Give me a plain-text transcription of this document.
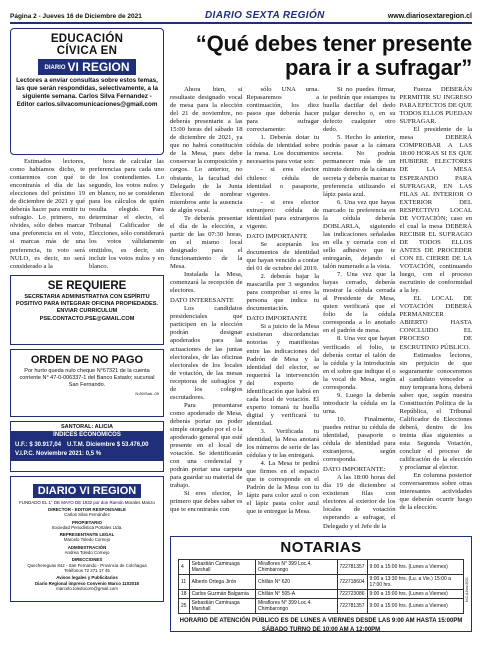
Página 2 - Jueves 16 de Diciembre de 2021	DIARIO SEXTA REGIÓN	www.diariosextaregion.cl
EDUCACIÓN
CÍVICA EN
DIARIO VI REGION
Lectores a enviar consultas sobre estos temas, las que serán respondidas, selectivamente, a la siguiente semana. Carlos Silva Fernandez - Editor carlos.silvacomunicaciones@gmail.com

Estimados lectores, como habíamos dicho, te contaremos con qué te encontrarás el día de las elecciones del próximo 19 de diciembre de 2021 y qué deberás hacer para emitir tu sufragio. Lo primero, no olvides, sólo debes marcar una preferencia en el voto, si marcas más de una preferencia, tu voto será NULO, es decir, no será considerado a la

hora de calcular las preferencias para cada uno de los contendientes. Lo segundo, los votos nulos y en blanco, no se consideran para los cálculos de quién resulta elegido. Para determinar el electo, el Tribunal Calificador de Elecciones, sólo considerará los votos válidamente emitidos, es decir, sin incluir los votos nulos y en blanco.

SE REQUIERE
SECRETARIA ADMINISTRATIVA CON ESPÍRITU POSITIVO PARA INTEGRAR OFICINA PROPIEDADES. ENVIAR CURRICULUM PSE.CONTACTO.PSE@GMAIL.COM
ORDEN DE NO PAGO
Por hurto queda nulo cheque N°67321 de la cuenta corriente N° 47-0-006337-1 del Banco Estado; sucursal San Fernando.
N:80/Sab.-09
SANTORAL: ALICIA
ÍNDICES ECONÓMICOS
U.F.: $ 30.917,04 U.T.M. Diciembre $ 53.476,00
V.I.P.C. Noviembre 2021: 0,5 %
DIARIO VI REGION
FUNDADO EL 1° DE MAYO DE 1932 por don Ramón Morales Manzo
DIRECTOR - EDITOR RESPONSABLE
Carlos Silva Fernández
PROPIETARIO
Sociedad Periodística Portales Ltda.
REPRESENTANTE LEGAL
Marcelo Toledo Cornejo
ADMINISTRACIÓN
Andrea Toledo Cornejo
DIRECCIONES
Quechereguas 842 - San Fernando - Provincia de Colchagua
Teléfonos 72 271 17 45
Avisos legales y Publicitarios
Diario Regional impreso Convenio Marco 1102018
marcelo.toledocorn@gmail.com
“Qué debes tener presente
para ir a sufragar”

Ahora bien, si resultaste designado vocal de mesa para la elección del 21 de noviembre, no deberás presentarte a las 15:00 horas del sábado 18 de diciembre de 2021, ya que no habrá constitución de la Mesa, pues debe conservar la composición y cargos. Lo anterior, no obstante, la facultad del Delegado de la Junta Electoral de nombrar miembros ante la ausencia de algún vocal.

Te deberás presentar el día de la elección, a partir de las 07:30 horas, en el mismo local designado para el funcionamiento de la Mesa.

Instalada la Mesa, comenzará la recepción de electores.

DATO INTERESANTE

Los candidatos presidenciales que participen en la elección podrán designar apoderados para las actuaciones de las juntas electorales, de las oficinas electorales de los locales de votación, de las mesas receptoras de sufragios y de los colegios escrutadores.

Para presentarse como apoderado de Mesa, deberás portar un poder simple otorgado por el o la apoderado general que esté presente en el local de votación. Se identificarán con una credencial y podrán portar una carpeta para guardar su material de trabajo.

Si eres elector, lo primero que debes saber es que te encontrarás con

sólo UNA urna. Repasaremos a continuación, los diez pasos que deberás hacer para sufragar correctamente:

1. Deberás dotar tu cédula de identidad sobre la mesa. Los documentos necesarios para votar son:

- si eres elector chileno: cédula de identidad o pasaporte, vigentes.

- si eres elector extranjero: cédula de identidad para extranjeros vigente.

DATO IMPORTANTE

Se aceptarán los documentos de identidad que hayan vencido a contar del 01 de octubre del 2019.

2. deberás bajar la mascarilla por 3 segundos para comprobar si eres la persona que indica tu documentación.

DATO IMPORTANTE

Si a juicio de la Mesa existieran discordancias notorias y manifiestas entre las indicaciones del Padrón de Mesa y la identidad del elector, se requerirá la intervención del experto de identificación que habrá en cada local de votación. El experto tomará tu huella digital y verificará tu identidad.

3. Verificada tu identidad, la Mesa anotará los números de serie de las cédulas y te las entregará.

4. La Mesa te pedirá que firmes en el espacio que te corresponde en el Padrón de la Mesa con tu lápiz para color azul o con el lápiz pasta color azul que te entregue la Mesa.

Si no puedes firmar, te pedirán que estampes tu huella dactilar del dedo pulgar derecho o, en su defecto cualquier otro dedo.

5. Hecho lo anterior, podrás pasar a la cámara secreta. No podrás permanecer más de un minuto dentro de la cámara secreta y deberás marcar tu preferencia utilizando el lápiz pasta azul.

6. Una vez que hayas marcado tu preferencia en la cédula deberás DOBLARLA, siguiendo las indicaciones señaladas en ella y cerrarla con el sello adhesivo que te entregarán, dejando el talón numerado a la vista.

7. Una vez que la hayas cerrado, deberás mostrar la cédula cerrada al Presidente de Mesa, quien verificará que el folio de la cédula corresponda a lo anotado en el padrón de mesa.

8. Una vez que hayan verificado el folio, te deberás cortar el talón de la cédula y la introducirás en el sobre que indique el o la vocal de Mesa, según corresponda.

9. Luego la deberás introducir la cédula en la urna.

10. Finalmente, puedes retirar tu cédula de identidad, pasaporte o cédula de identidad para extranjeros, según corresponda.

DATO IMPORTANTE:

A las 18:00 horas del día 19 de diciembre si existieran filas con electores al exterior de los locales de votación esperando a sufragar, el Delegado y el Jefe de la

Fuerza DEBERÁN PERMITIR SU INGRESO PARA EFECTOS DE QUE TODOS ELLOS PUEDAN SUFRAGAR.

El presidente de la mesa DEBERÁ COMPROBAR A LAS 18:00 HORAS SI ES QUE HUBIERE ELECTORES DE LA MESA ESPERANDO PARA SUFRAGAR, EN LAS FILAS AL INTERIOR O EXTERIOR DEL RESPECTIVO LOCAL DE VOTACIÓN; caso en el cual la mesa DEBERÁ RECIBIR EL SUFRAGIO DE TODOS ELLOS ANTES DE PROCEDER CON EL CIERRE DE LA VOTACIÓN, continuando luego, con el proceso escrutinio de conformidad a la ley.

EL LOCAL DE VOTACIÓN DEBERÁ PERMANECER ABIERTO HASTA CONCLUIDO EL PROCESO DE ESCRUTINIO PÚBLICO.

Estimados lectores, sin perjuicio de que seguramente conoceremos al candidato vencedor a muy temprana hora, deberá saber que, según nuestra Constitución Política de la República, el Tribunal Calificador de Elecciones deberá, dentro de los treinta días siguientes a esta Segunda Votación, concluir el proceso de calificación de la elección y proclamar al elector.

En columna posterior conversaremos sobre otras interesantes actividades que deberán ocurrir luego de la elección.

NOTARIAS
4	Sebastián Camiruaga Marshall	Miraflores N° 399 Loc.4. Chimbarongo	722781357	9:00 a 15:00 hrs. (Lunes a Viernes)
11	Alberto Ortega Jirón	Chillán N° 620	722718604	9:00 a 13:30 hrs. (Lu. a Vie.) 15:00 a 17:00 hrs.
18	Carlos Guzmán Balgarnia	Chillán N° 505-A	722723086	9:00 a 15:00 hrs. (Lunes a Viernes)
25	Sebastián Camiruaga Marshall	Miraflores N° 399 Loc.4. Chimbarongo	722781357	9:00 a 15:00 hrs. (Lunes a Viernes)
HORARIO DE ATENCIÓN PÚBLICO ES DE LUNES A VIERNES DESDE LAS 9:00 AM HASTA 15:00PM
SÁBADO TURNO DE 10:00 AM A 12:00PM
N.C.A.Nov.2021
